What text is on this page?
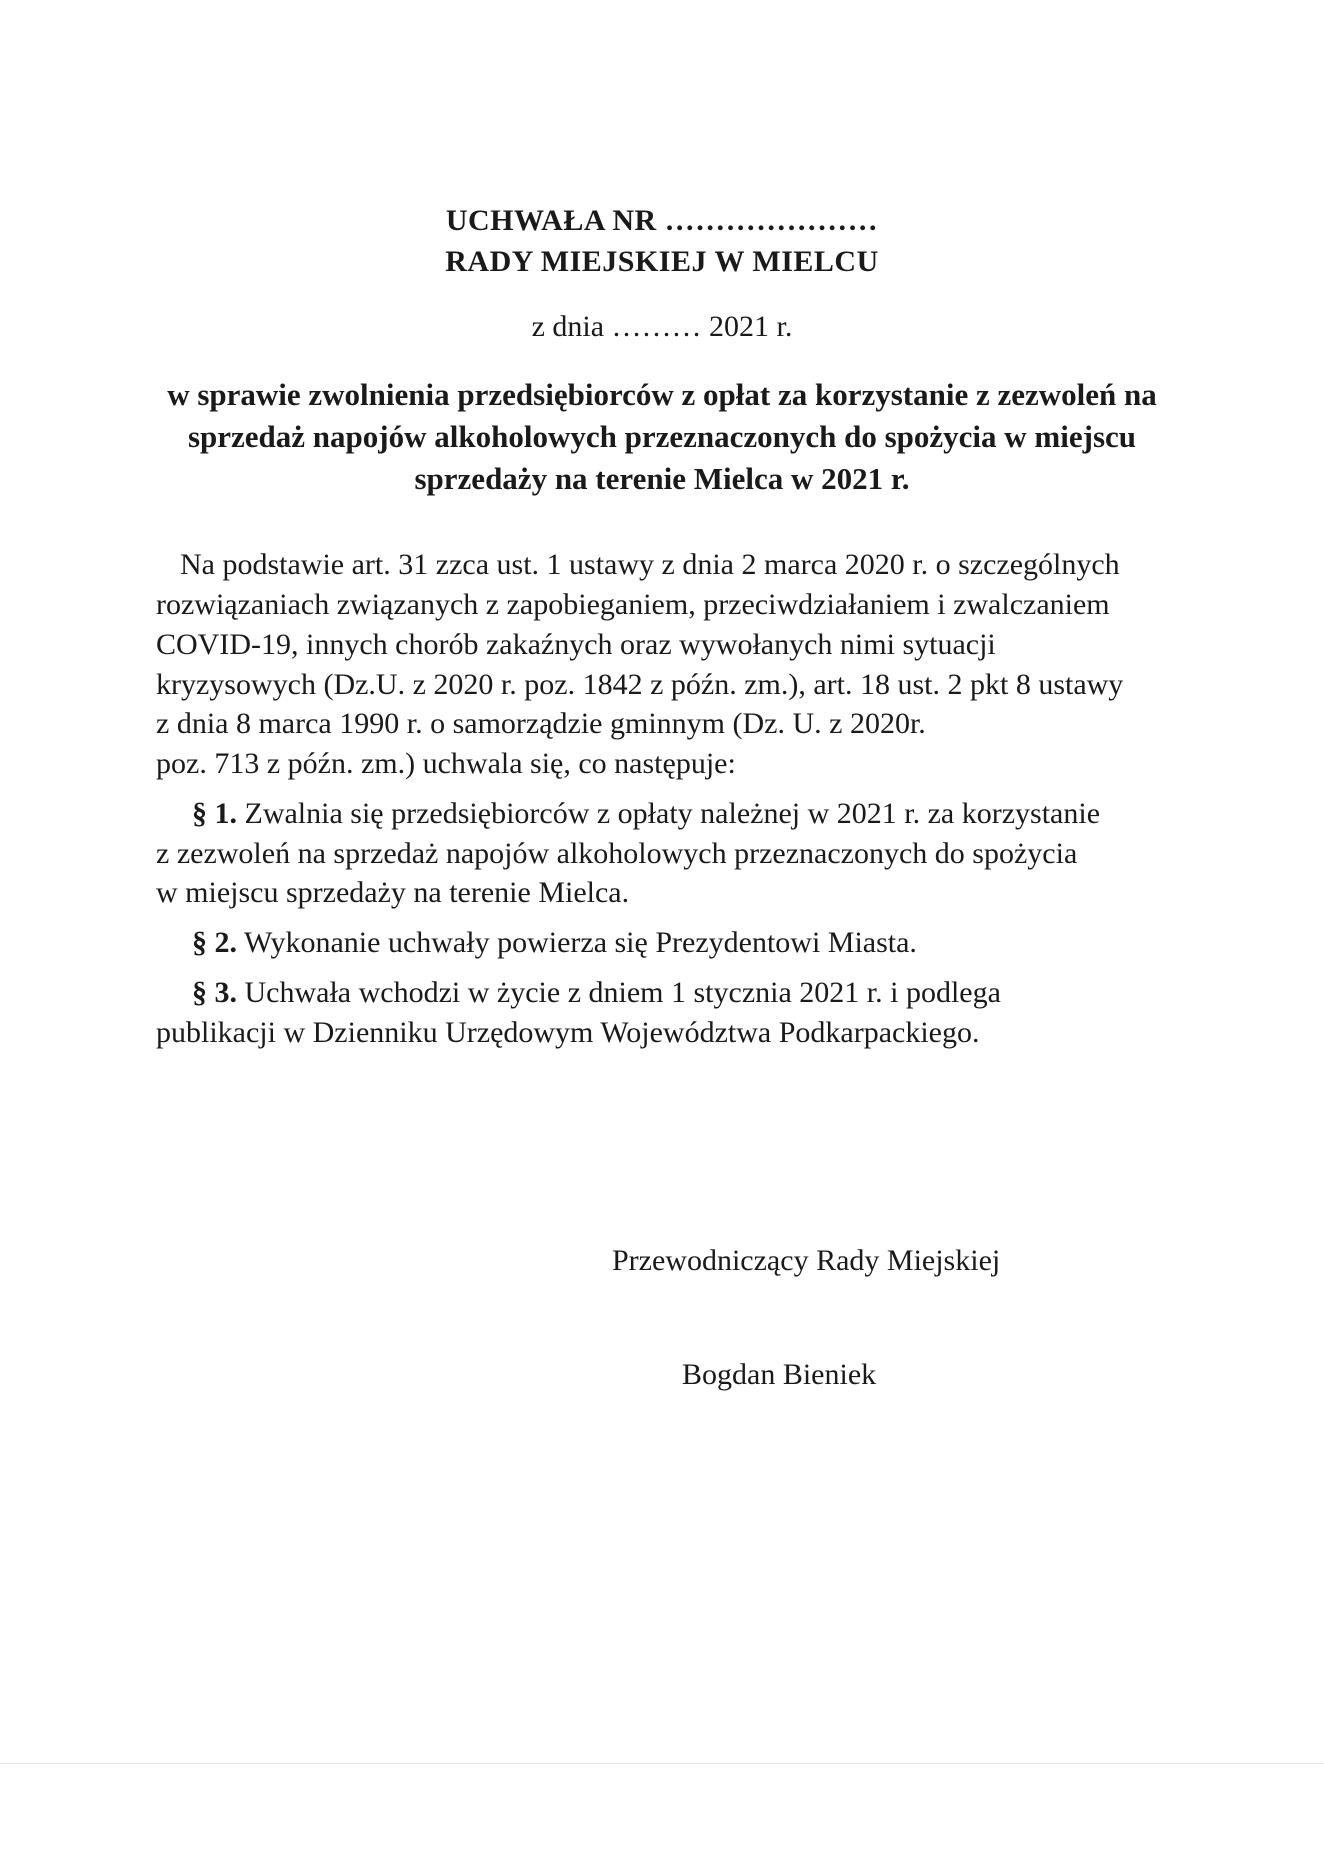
UCHWAŁA NR …………………

RADY MIEJSKIEJ W MIELCU

z dnia ……… 2021 r.

w sprawie zwolnienia przedsiębiorców z opłat za korzystanie z zezwoleń na

sprzedaż napojów alkoholowych przeznaczonych do spożycia w miejscu

sprzedaży na terenie Mielca w 2021 r.

Na podstawie art. 31 zzca ust. 1 ustawy z dnia 2 marca 2020 r. o szczególnych

rozwiązaniach związanych z zapobieganiem, przeciwdziałaniem i zwalczaniem

COVID-19, innych chorób zakaźnych oraz wywołanych nimi sytuacji

kryzysowych (Dz.U. z 2020 r. poz. 1842 z późn. zm.), art. 18 ust. 2 pkt 8 ustawy

z dnia 8 marca 1990 r. o samorządzie gminnym (Dz. U. z 2020r.

poz. 713 z późn. zm.) uchwala się, co następuje:

§ 1. Zwalnia się przedsiębiorców z opłaty należnej w 2021 r. za korzystanie

z zezwoleń na sprzedaż napojów alkoholowych przeznaczonych do spożycia

w miejscu sprzedaży na terenie Mielca.

§ 2. Wykonanie uchwały powierza się Prezydentowi Miasta.

§ 3. Uchwała wchodzi w życie z dniem 1 stycznia 2021 r. i podlega

publikacji w Dzienniku Urzędowym Województwa Podkarpackiego.

Przewodniczący Rady Miejskiej

Bogdan Bieniek
